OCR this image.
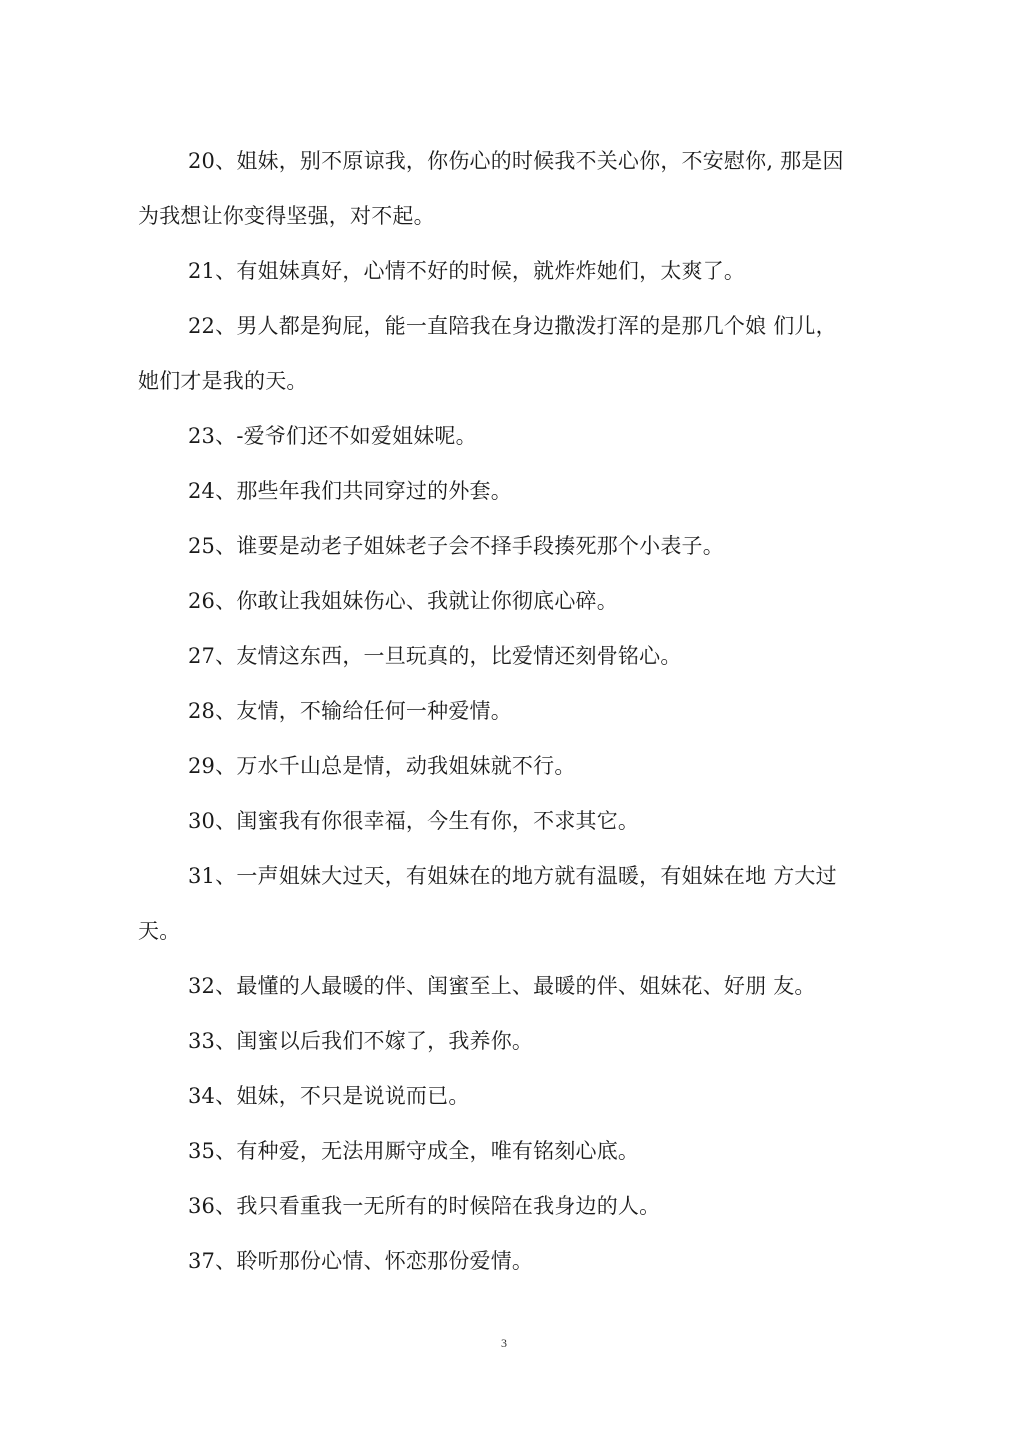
20、姐妹，别不原谅我，你伤心的时候我不关心你，不安慰你, 那是因为我想让你变得坚强，对不起。

21、有姐妹真好，心情不好的时候，就炸炸她们，太爽了。

22、男人都是狗屁，能一直陪我在身边撒泼打浑的是那几个娘 们儿，她们才是我的天。

23、-爱爷们还不如爱姐妹呢。

24、那些年我们共同穿过的外套。

25、谁要是动老子姐妹老子会不择手段揍死那个小表子。

26、你敢让我姐妹伤心、我就让你彻底心碎。

27、友情这东西，一旦玩真的，比爱情还刻骨铭心。

28、友情，不输给任何一种爱情。

29、万水千山总是情，动我姐妹就不行。

30、闺蜜我有你很幸福，今生有你，不求其它。

31、一声姐妹大过天，有姐妹在的地方就有温暖，有姐妹在地 方大过天。

32、最懂的人最暖的伴、闺蜜至上、最暖的伴、姐妹花、好朋 友。

33、闺蜜以后我们不嫁了，我养你。

34、姐妹，不只是说说而已。

35、有种爱，无法用厮守成全，唯有铭刻心底。

36、我只看重我一无所有的时候陪在我身边的人。

37、聆听那份心情、怀恋那份爱情。

3
